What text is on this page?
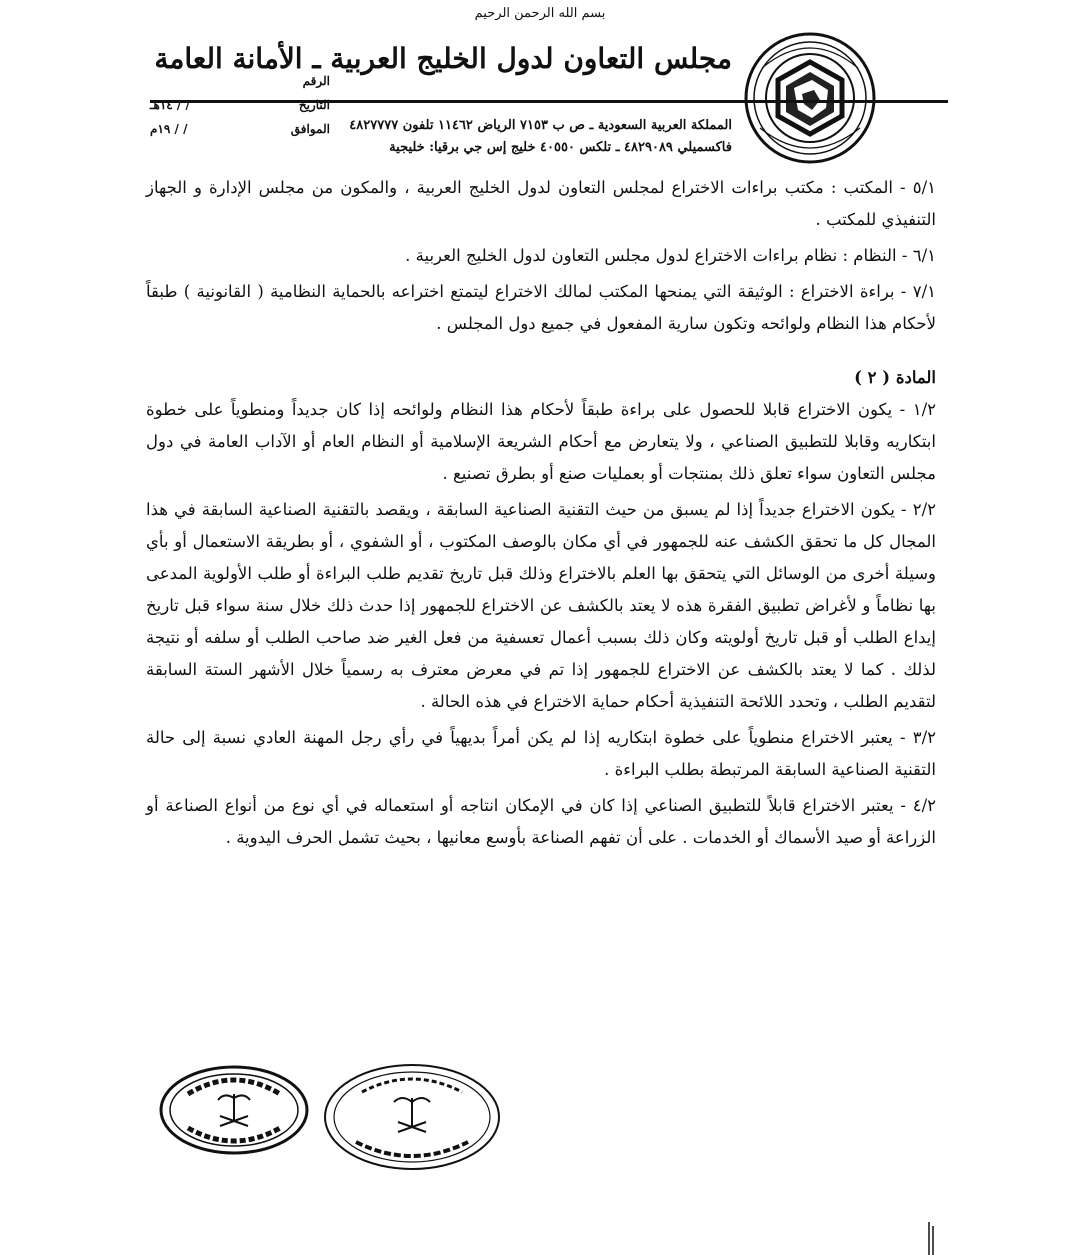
بسم الله الرحمن الرحيم
مجلس التعاون لدول الخليج العربية ـ الأمانة العامة
المملكة العربية السعودية ـ ص ب ٧١٥٣ الرياض ١١٤٦٢ تلفون ٤٨٢٧٧٧٧
فاكسميلي ٤٨٢٩٠٨٩ ـ تلكس ٤٠٥٥٠ خليج إس جي برقيا: خليجية
الرقم
التاريخ
/ / ١٤هـ
الموافق
/ / ١٩م

٥/١ - المكتب : مكتب براءات الاختراع لمجلس التعاون لدول الخليج العربية ، والمكون من مجلس الإدارة و الجهاز التنفيذي للمكتب .

٦/١ - النظام : نظام براءات الاختراع لدول مجلس التعاون لدول الخليج العربية .

٧/١ - براءة الاختراع : الوثيقة التي يمنحها المكتب لمالك الاختراع ليتمتع اختراعه بالحماية النظامية ( القانونية ) طبقاً لأحكام هذا النظام ولوائحه وتكون سارية المفعول في جميع دول المجلس .

المادة ( ٢ )

١/٢ - يكون الاختراع قابلا للحصول على براءة طبقاً لأحكام هذا النظام ولوائحه إذا كان جديداً ومنطوياً على خطوة ابتكاريه وقابلا للتطبيق الصناعي ، ولا يتعارض مع أحكام الشريعة الإسلامية أو النظام العام أو الآداب العامة في دول مجلس التعاون سواء تعلق ذلك بمنتجات أو بعمليات صنع أو بطرق تصنيع .

٢/٢ - يكون الاختراع جديداً إذا لم يسبق من حيث التقنية الصناعية السابقة ، ويقصد بالتقنية الصناعية السابقة في هذا المجال كل ما تحقق الكشف عنه للجمهور في أي مكان بالوصف المكتوب ، أو الشفوي ، أو بطريقة الاستعمال أو بأي وسيلة أخرى من الوسائل التي يتحقق بها العلم بالاختراع وذلك قبل تاريخ تقديم طلب البراءة أو طلب الأولوية المدعى بها نظاماً و لأغراض تطبيق الفقرة هذه لا يعتد بالكشف عن الاختراع للجمهور إذا حدث ذلك خلال سنة سواء قبل تاريخ إيداع الطلب أو قبل تاريخ أولويته وكان ذلك بسبب أعمال تعسفية من فعل الغير ضد صاحب الطلب أو سلفه أو نتيجة لذلك . كما لا يعتد بالكشف عن الاختراع للجمهور إذا تم في معرض معترف به رسمياً خلال الأشهر الستة السابقة لتقديم الطلب ، وتحدد اللائحة التنفيذية أحكام حماية الاختراع في هذه الحالة .

٣/٢ - يعتبر الاختراع منطوياً على خطوة ابتكاريه إذا لم يكن أمراً بديهياً في رأي رجل المهنة العادي نسبة إلى حالة التقنية الصناعية السابقة المرتبطة بطلب البراءة .

٤/٢ - يعتبر الاختراع قابلاً للتطبيق الصناعي إذا كان في الإمكان انتاجه أو استعماله في أي نوع من أنواع الصناعة أو الزراعة أو صيد الأسماك أو الخدمات . على أن تفهم الصناعة بأوسع معانيها ، بحيث تشمل الحرف اليدوية .
